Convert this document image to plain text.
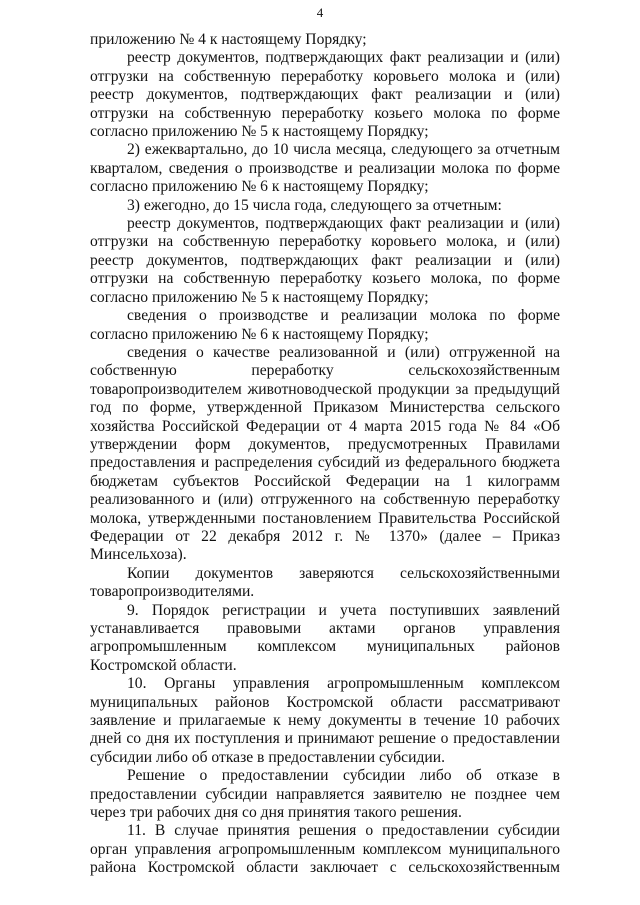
4

приложению № 4 к настоящему Порядку;

реестр документов, подтверждающих факт реализации и (или) отгрузки на собственную переработку коровьего молока и (или) реестр документов, подтверждающих факт реализации и (или) отгрузки на собственную переработку козьего молока по форме согласно приложению № 5 к настоящему Порядку;

2) ежеквартально, до 10 числа месяца, следующего за отчетным кварталом, сведения о производстве и реализации молока по форме согласно приложению № 6 к настоящему Порядку;

3) ежегодно, до 15 числа года, следующего за отчетным:

реестр документов, подтверждающих факт реализации и (или) отгрузки на собственную переработку коровьего молока, и (или) реестр документов, подтверждающих факт реализации и (или) отгрузки на собственную переработку козьего молока, по форме согласно приложению № 5 к настоящему Порядку;

сведения о производстве и реализации молока по форме согласно приложению № 6 к настоящему Порядку;

сведения о качестве реализованной и (или) отгруженной на собственную переработку сельскохозяйственным товаропроизводителем животноводческой продукции за предыдущий год по форме, утвержденной Приказом Министерства сельского хозяйства Российской Федерации от 4 марта 2015 года № 84 «Об утверждении форм документов, предусмотренных Правилами предоставления и распределения субсидий из федерального бюджета бюджетам субъектов Российской Федерации на 1 килограмм реализованного и (или) отгруженного на собственную переработку молока, утвержденными постановлением Правительства Российской Федерации от 22 декабря 2012 г. № 1370» (далее – Приказ Минсельхоза).

Копии документов заверяются сельскохозяйственными товаропроизводителями.

9. Порядок регистрации и учета поступивших заявлений устанавливается правовыми актами органов управления агропромышленным комплексом муниципальных районов Костромской области.

10. Органы управления агропромышленным комплексом муниципальных районов Костромской области рассматривают заявление и прилагаемые к нему документы в течение 10 рабочих дней со дня их поступления и принимают решение о предоставлении субсидии либо об отказе в предоставлении субсидии.

Решение о предоставлении субсидии либо об отказе в предоставлении субсидии направляется заявителю не позднее чем через три рабочих дня со дня принятия такого решения.

11. В случае принятия решения о предоставлении субсидии орган управления агропромышленным комплексом муниципального района Костромской области заключает с сельскохозяйственным
